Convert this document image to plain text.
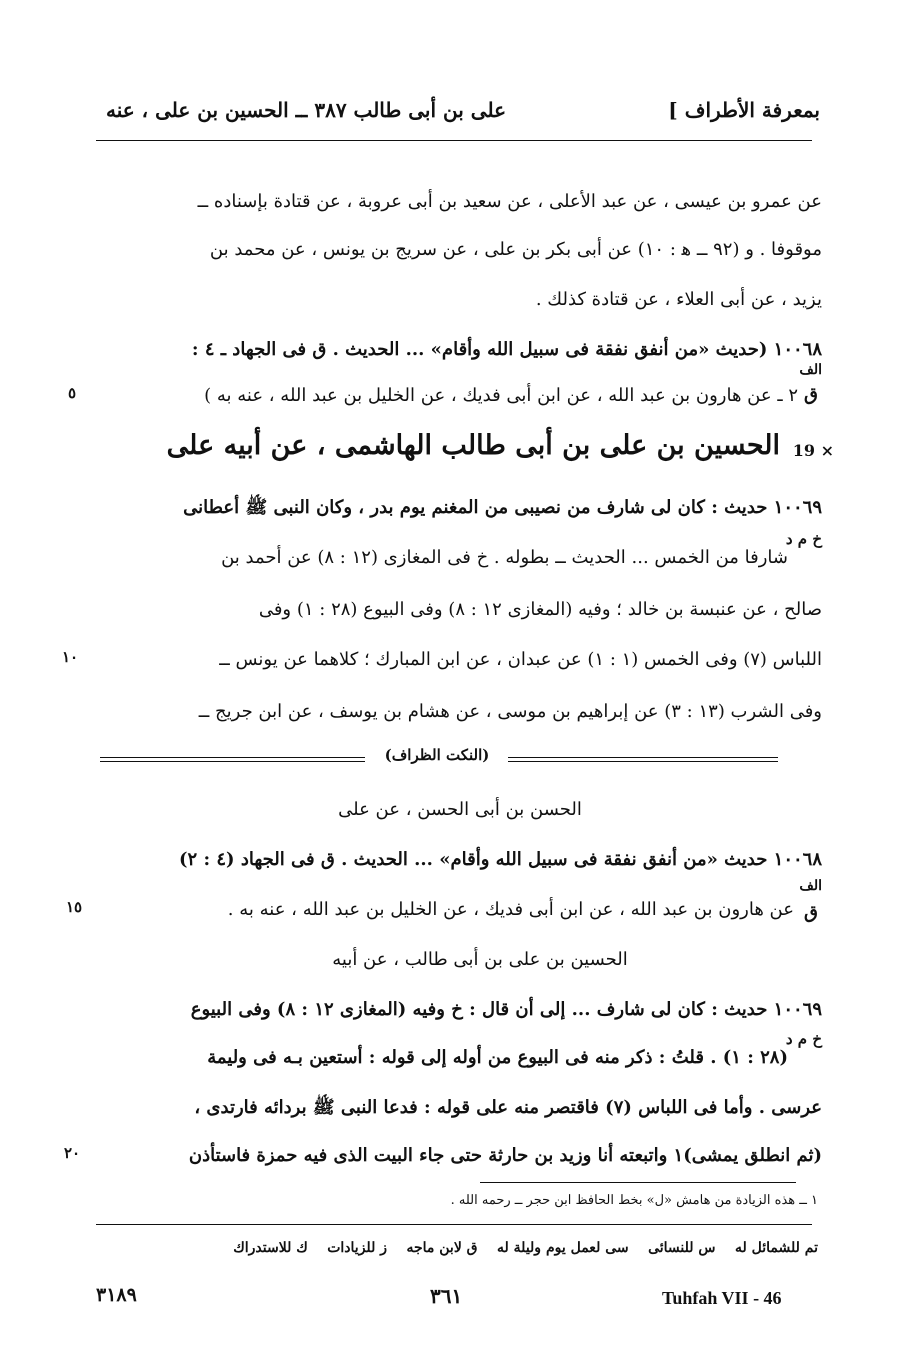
بمعرفة الأطراف ]
على بن أبى طالب ٣٨٧ ــ الحسين بن على ، عنه
عن عمرو بن عيسى ، عن عبد الأعلى ، عن سعيد بن أبى عروبة ، عن قتادة بإسناده ــ
موقوفا . و (٩٢ ــ ﻫ : ١٠) عن أبى بكر بن على ، عن سريج بن يونس ، عن محمد بن
يزيد ، عن أبى العلاء ، عن قتادة كذلك .
١٠٠٦٨ (حديث «من أنفق نفقة فى سبيل الله وأقام» ... الحديث . ق فى الجهاد ـ ٤ :
الف
ق
٢ ـ عن هارون بن عبد الله ، عن ابن أبى فديك ، عن الخليل بن عبد الله ، عنه به )
٥
19 ×
الحسين بن على بن أبى طالب الهاشمى ، عن أبيه على
١٠٠٦٩ حديث : كان لى شارف من نصيبى من المغنم يوم بدر ، وكان النبى ﷺ أعطانى
خ م د
شارفا من الخمس ... الحديث ــ بطوله . خ فى المغازى (١٢ : ٨) عن أحمد بن
صالح ، عن عنبسة بن خالد ؛ وفيه (المغازى ١٢ : ٨) وفى البيوع (٢٨ : ١) وفى
اللباس (٧) وفى الخمس (١ : ١) عن عبدان ، عن ابن المبارك ؛ كلاهما عن يونس ــ
١٠
وفى الشرب (١٣ : ٣) عن إبراهيم بن موسى ، عن هشام بن يوسف ، عن ابن جريج ــ
(النكت الظراف)
الحسن بن أبى الحسن ، عن على
١٠٠٦٨ حديث «من أنفق نفقة فى سبيل الله وأقام» ... الحديث . ق فى الجهاد (٤ : ٢)
الف
ق
عن هارون بن عبد الله ، عن ابن أبى فديك ، عن الخليل بن عبد الله ، عنه به .
١٥
الحسين بن على بن أبى طالب ، عن أبيه
١٠٠٦٩ حديث : كان لى شارف ... إلى أن قال : خ وفيه (المغازى ١٢ : ٨) وفى البيوع
خ م د
(٢٨ : ١) . قلتُ : ذكر منه فى البيوع من أوله إلى قوله : أستعين بـه فى وليمة
عرسى . وأما فى اللباس (٧) فاقتصر منه على قوله : فدعا النبى ﷺ بردائه فارتدى ،
(ثم انطلق يمشى)١ واتبعته أنا وزيد بن حارثة حتى جاء البيت الذى فيه حمزة فاستأذن
٢٠
١ ــ هذه الزيادة من هامش «ل» بخط الحافظ ابن حجر ــ رحمه الله .
تم للشمائل له    س للنسائى    سى لعمل يوم وليلة له    ق لابن ماجه    ز للزيادات    ك للاستدراك
Tuhfah VII - 46
٣٦١
٣١٨٩
